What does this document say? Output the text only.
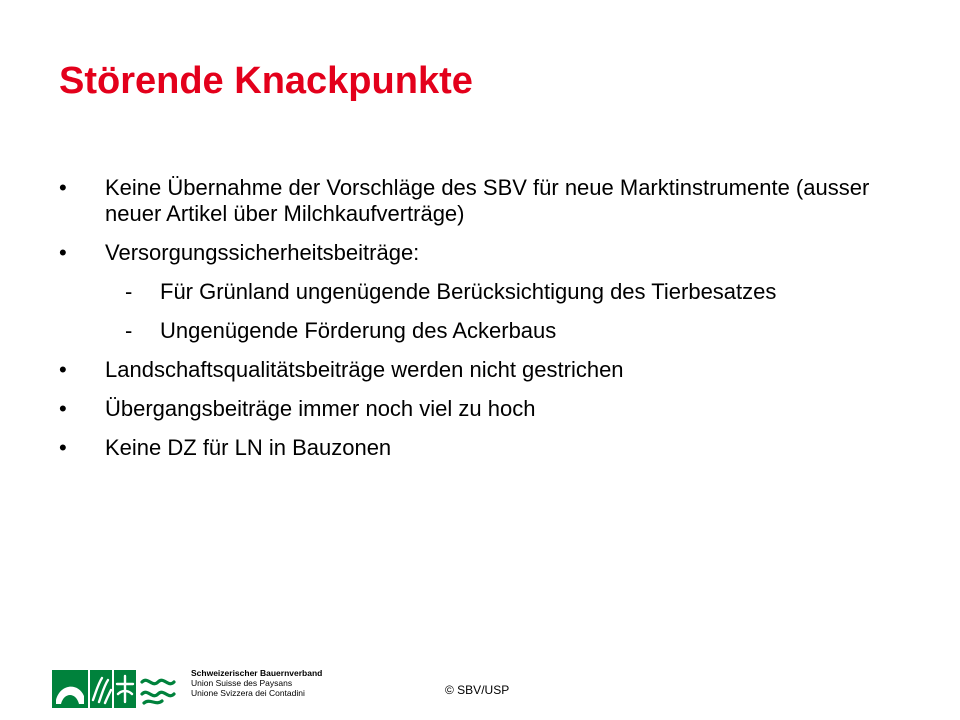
Störende Knackpunkte
• Keine Übernahme der Vorschläge des SBV für neue Marktinstrumente (ausser neuer Artikel über Milchkaufverträge)
• Versorgungssicherheitsbeiträge:
- Für Grünland ungenügende Berücksichtigung des Tierbesatzes
- Ungenügende Förderung des Ackerbaus
• Landschaftsqualitätsbeiträge werden nicht gestrichen
• Übergangsbeiträge immer noch viel zu hoch
• Keine DZ für LN in Bauzonen
Schweizerischer Bauernverband
Union Suisse des Paysans
Unione Svizzera dei Contadini	© SBV/USP
